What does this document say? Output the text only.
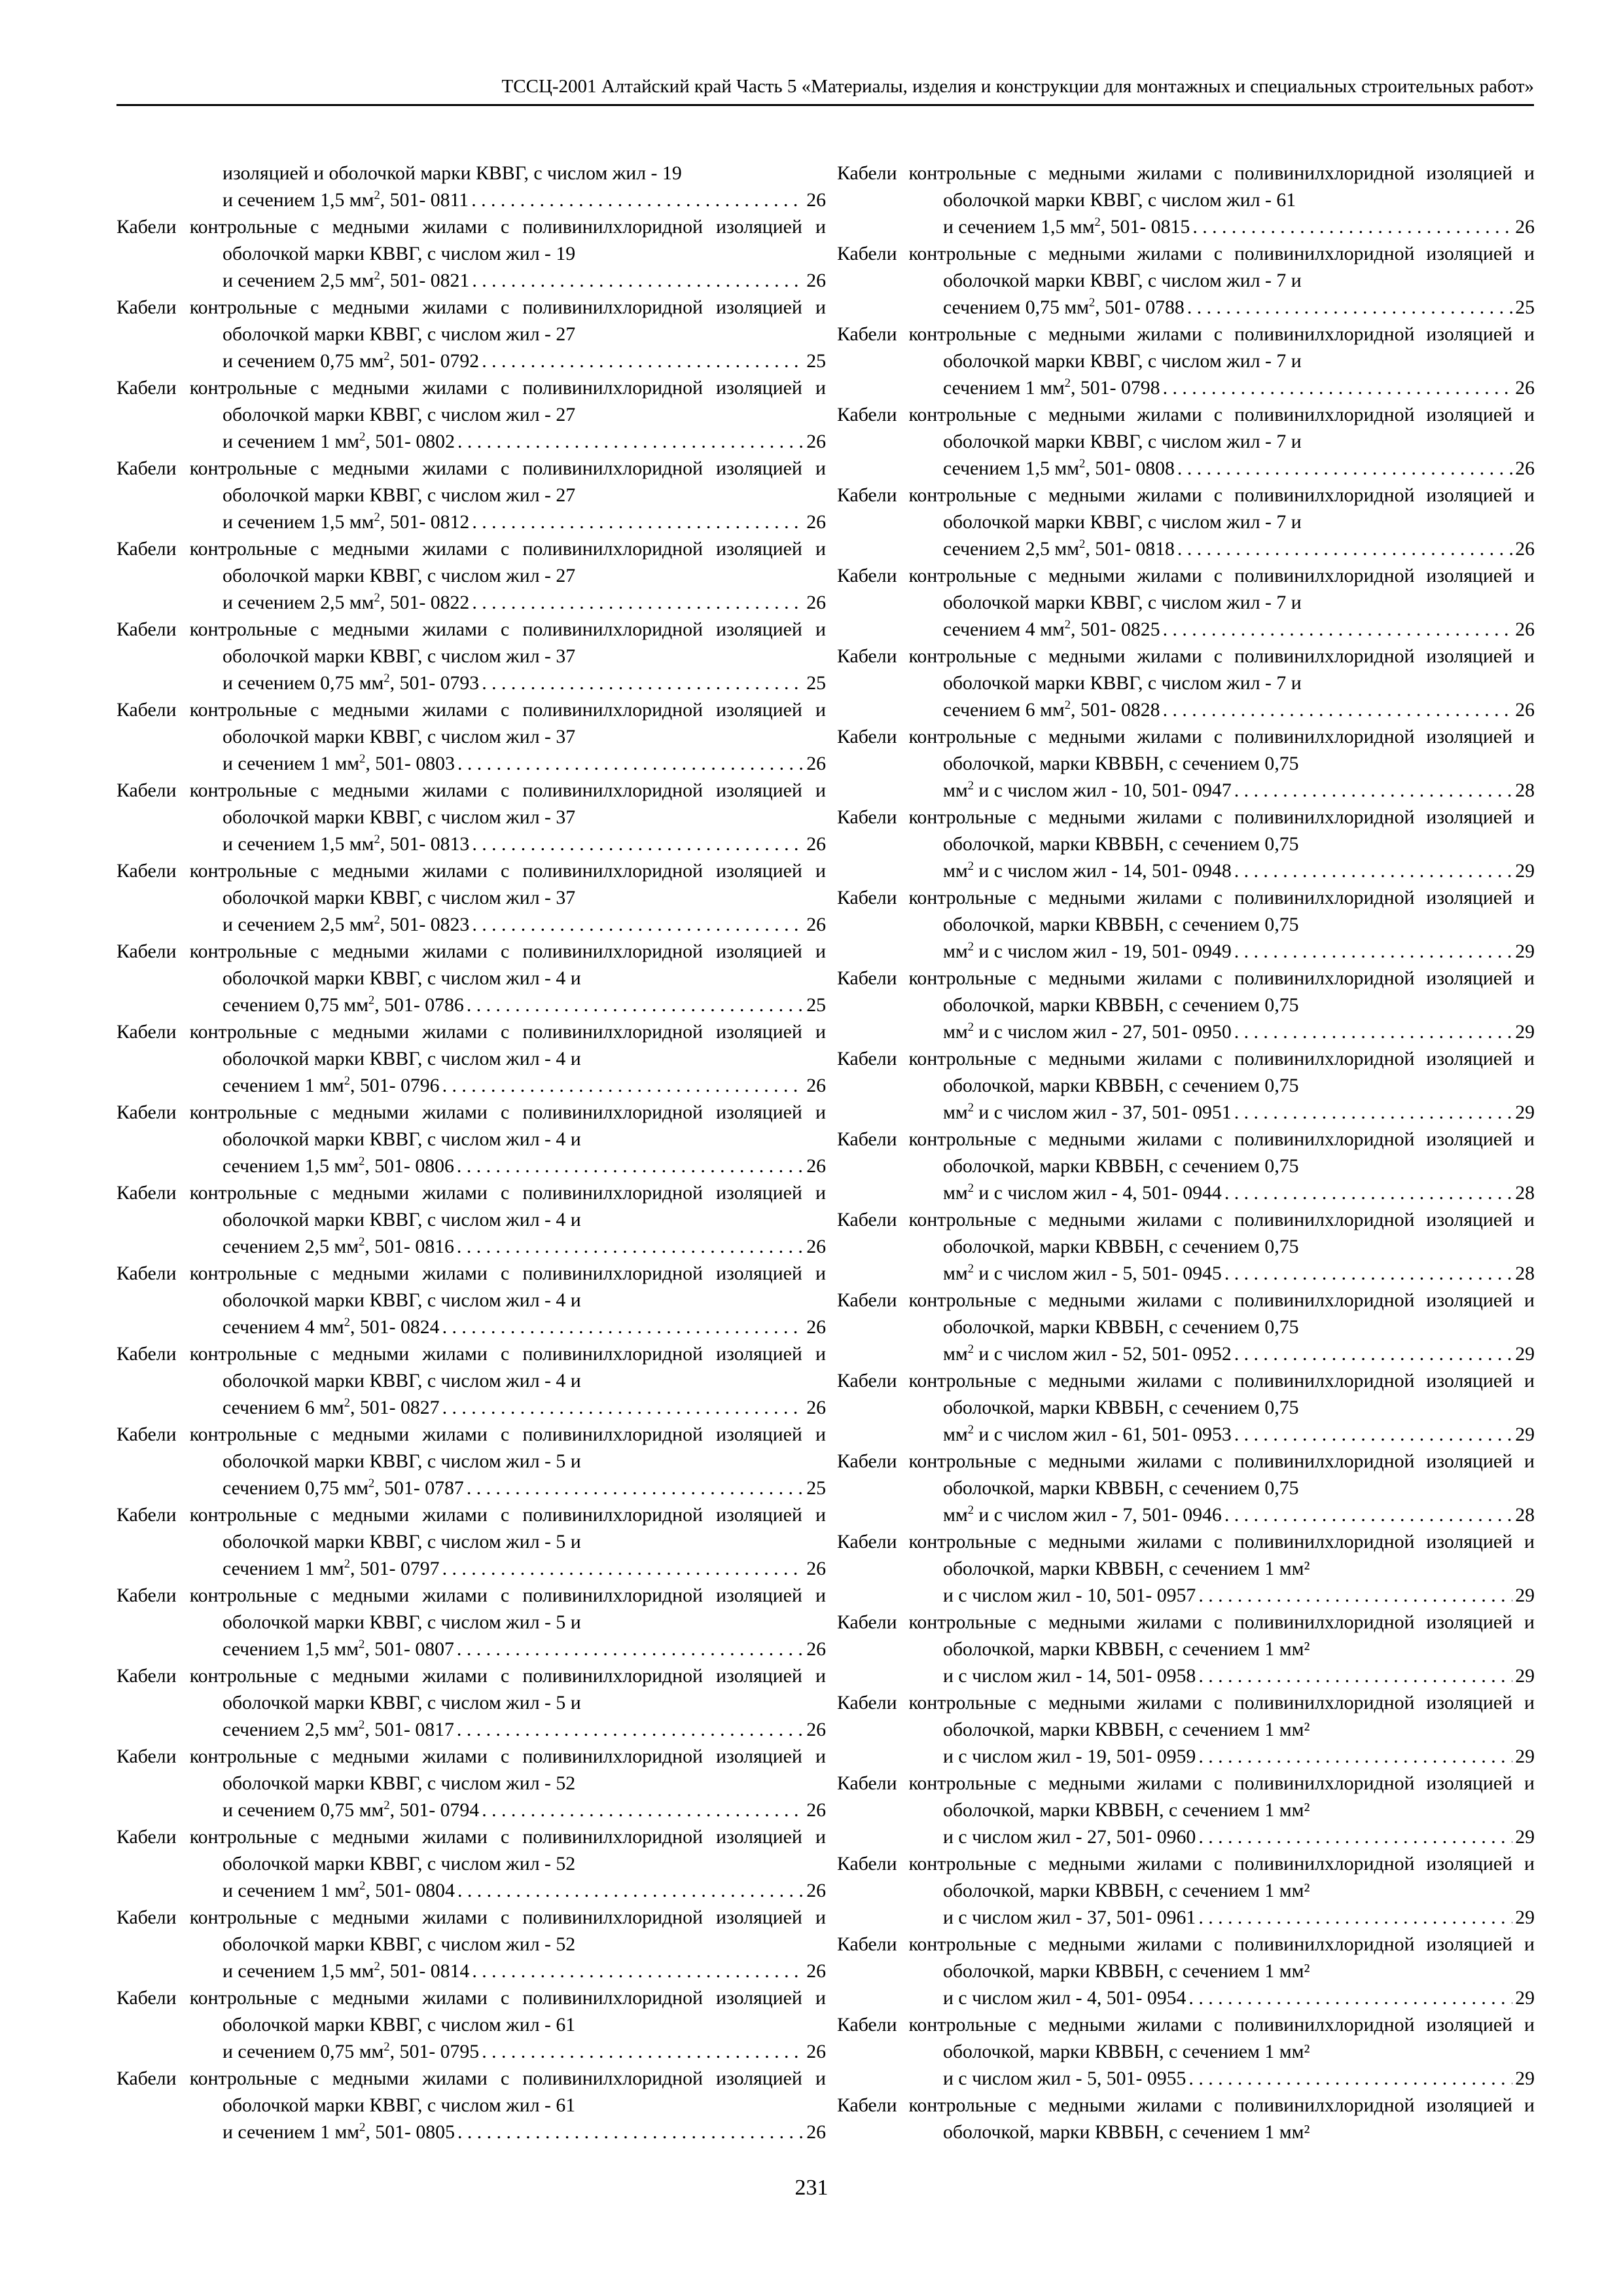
ТССЦ-2001 Алтайский край Часть 5 «Материалы, изделия и конструкции для монтажных и специальных строительных работ»
изоляцией и оболочкой марки КВВГ, с числом жил - 19
и сечением 1,5 $мм^2$, 501- 0811 . . .	26
Кабели контрольные с медными жилами с поливинилхлоридной изоляцией и оболочкой марки КВВГ, с числом жил - 19
и сечением 2,5 $мм^2$, 501- 0821 . . .	26
Кабели контрольные с медными жилами с поливинилхлоридной изоляцией и оболочкой марки КВВГ, с числом жил - 27
и сечением 0,75 $мм^2$, 501- 0792 . . .	25
Кабели контрольные с медными жилами с поливинилхлоридной изоляцией и оболочкой марки КВВГ, с числом жил - 27
и сечением 1 $мм^2$, 501- 0802 . . .	26
Кабели контрольные с медными жилами с поливинилхлоридной изоляцией и оболочкой марки КВВГ, с числом жил - 27
и сечением 1,5 $мм^2$, 501- 0812 . . .	26
Кабели контрольные с медными жилами с поливинилхлоридной изоляцией и оболочкой марки КВВГ, с числом жил - 27
и сечением 2,5 $мм^2$, 501- 0822 . . .	26
Кабели контрольные с медными жилами с поливинилхлоридной изоляцией и оболочкой марки КВВГ, с числом жил - 37
и сечением 0,75 $мм^2$, 501- 0793 . . .	25
Кабели контрольные с медными жилами с поливинилхлоридной изоляцией и оболочкой марки КВВГ, с числом жил - 37
и сечением 1 $мм^2$, 501- 0803 . . .	26
Кабели контрольные с медными жилами с поливинилхлоридной изоляцией и оболочкой марки КВВГ, с числом жил - 37
и сечением 1,5 $мм^2$, 501- 0813 . . .	26
Кабели контрольные с медными жилами с поливинилхлоридной изоляцией и оболочкой марки КВВГ, с числом жил - 37
и сечением 2,5 $мм^2$, 501- 0823 . . .	26
Кабели контрольные с медными жилами с поливинилхлоридной изоляцией и оболочкой марки КВВГ, с числом жил - 4 и
сечением 0,75 $мм^2$, 501- 0786 . . .	25
Кабели контрольные с медными жилами с поливинилхлоридной изоляцией и оболочкой марки КВВГ, с числом жил - 4 и
сечением 1 $мм^2$, 501- 0796 . . .	26
Кабели контрольные с медными жилами с поливинилхлоридной изоляцией и оболочкой марки КВВГ, с числом жил - 4 и
сечением 1,5 $мм^2$, 501- 0806 . . .	26
Кабели контрольные с медными жилами с поливинилхлоридной изоляцией и оболочкой марки КВВГ, с числом жил - 4 и
сечением 2,5 $мм^2$, 501- 0816 . . .	26
Кабели контрольные с медными жилами с поливинилхлоридной изоляцией и оболочкой марки КВВГ, с числом жил - 4 и
сечением 4 $мм^2$, 501- 0824 . . .	26
Кабели контрольные с медными жилами с поливинилхлоридной изоляцией и оболочкой марки КВВГ, с числом жил - 4 и
сечением 6 $мм^2$, 501- 0827 . . .	26
Кабели контрольные с медными жилами с поливинилхлоридной изоляцией и оболочкой марки КВВГ, с числом жил - 5 и
сечением 0,75 $мм^2$, 501- 0787 . . .	25
Кабели контрольные с медными жилами с поливинилхлоридной изоляцией и оболочкой марки КВВГ, с числом жил - 5 и
сечением 1 $мм^2$, 501- 0797 . . .	26
Кабели контрольные с медными жилами с поливинилхлоридной изоляцией и оболочкой марки КВВГ, с числом жил - 5 и
сечением 1,5 $мм^2$, 501- 0807 . . .	26
Кабели контрольные с медными жилами с поливинилхлоридной изоляцией и оболочкой марки КВВГ, с числом жил - 5 и
сечением 2,5 $мм^2$, 501- 0817 . . .	26
Кабели контрольные с медными жилами с поливинилхлоридной изоляцией и оболочкой марки КВВГ, с числом жил - 52
и сечением 0,75 $мм^2$, 501- 0794 . . .	26
Кабели контрольные с медными жилами с поливинилхлоридной изоляцией и оболочкой марки КВВГ, с числом жил - 52
и сечением 1 $мм^2$, 501- 0804 . . .	26
Кабели контрольные с медными жилами с поливинилхлоридной изоляцией и оболочкой марки КВВГ, с числом жил - 52
и сечением 1,5 $мм^2$, 501- 0814 . . .	26
Кабели контрольные с медными жилами с поливинилхлоридной изоляцией и оболочкой марки КВВГ, с числом жил - 61
и сечением 0,75 $мм^2$, 501- 0795 . . .	26
Кабели контрольные с медными жилами с поливинилхлоридной изоляцией и оболочкой марки КВВГ, с числом жил - 61
и сечением 1 $мм^2$, 501- 0805 . . .	26
Кабели контрольные с медными жилами с поливинилхлоридной изоляцией и оболочкой марки КВВГ, с числом жил - 61
и сечением 1,5 $мм^2$, 501- 0815 . . .	26
Кабели контрольные с медными жилами с поливинилхлоридной изоляцией и оболочкой марки КВВГ, с числом жил - 7 и
сечением 0,75 $мм^2$, 501- 0788 . . .	25
Кабели контрольные с медными жилами с поливинилхлоридной изоляцией и оболочкой марки КВВГ, с числом жил - 7 и
сечением 1 $мм^2$, 501- 0798 . . .	26
Кабели контрольные с медными жилами с поливинилхлоридной изоляцией и оболочкой марки КВВГ, с числом жил - 7 и
сечением 1,5 $мм^2$, 501- 0808 . . .	26
Кабели контрольные с медными жилами с поливинилхлоридной изоляцией и оболочкой марки КВВГ, с числом жил - 7 и
сечением 2,5 $мм^2$, 501- 0818 . . .	26
Кабели контрольные с медными жилами с поливинилхлоридной изоляцией и оболочкой марки КВВГ, с числом жил - 7 и
сечением 4 $мм^2$, 501- 0825 . . .	26
Кабели контрольные с медными жилами с поливинилхлоридной изоляцией и оболочкой марки КВВГ, с числом жил - 7 и
сечением 6 $мм^2$, 501- 0828 . . .	26
Кабели контрольные с медными жилами с поливинилхлоридной изоляцией и оболочкой, марки КВВБН, с сечением 0,75
$мм^2$ и с числом жил - 10, 501- 0947 . . .	28
Кабели контрольные с медными жилами с поливинилхлоридной изоляцией и оболочкой, марки КВВБН, с сечением 0,75
$мм^2$ и с числом жил - 14, 501- 0948 . . .	29
Кабели контрольные с медными жилами с поливинилхлоридной изоляцией и оболочкой, марки КВВБН, с сечением 0,75
$мм^2$ и с числом жил - 19, 501- 0949 . . .	29
Кабели контрольные с медными жилами с поливинилхлоридной изоляцией и оболочкой, марки КВВБН, с сечением 0,75
$мм^2$ и с числом жил - 27, 501- 0950 . . .	29
Кабели контрольные с медными жилами с поливинилхлоридной изоляцией и оболочкой, марки КВВБН, с сечением 0,75
$мм^2$ и с числом жил - 37, 501- 0951 . . .	29
Кабели контрольные с медными жилами с поливинилхлоридной изоляцией и оболочкой, марки КВВБН, с сечением 0,75
$мм^2$ и с числом жил - 4, 501- 0944 . . .	28
Кабели контрольные с медными жилами с поливинилхлоридной изоляцией и оболочкой, марки КВВБН, с сечением 0,75
$мм^2$ и с числом жил - 5, 501- 0945 . . .	28
Кабели контрольные с медными жилами с поливинилхлоридной изоляцией и оболочкой, марки КВВБН, с сечением 0,75
$мм^2$ и с числом жил - 52, 501- 0952 . . .	29
Кабели контрольные с медными жилами с поливинилхлоридной изоляцией и оболочкой, марки КВВБН, с сечением 0,75
$мм^2$ и с числом жил - 61, 501- 0953 . . .	29
Кабели контрольные с медными жилами с поливинилхлоридной изоляцией и оболочкой, марки КВВБН, с сечением 0,75
$мм^2$ и с числом жил - 7, 501- 0946 . . .	28
Кабели контрольные с медными жилами с поливинилхлоридной изоляцией и оболочкой, марки КВВБН, с сечением 1 мм²
и с числом жил - 10, 501- 0957 . . .	29
Кабели контрольные с медными жилами с поливинилхлоридной изоляцией и оболочкой, марки КВВБН, с сечением 1 мм²
и с числом жил - 14, 501- 0958 . . .	29
Кабели контрольные с медными жилами с поливинилхлоридной изоляцией и оболочкой, марки КВВБН, с сечением 1 мм²
и с числом жил - 19, 501- 0959 . . .	29
Кабели контрольные с медными жилами с поливинилхлоридной изоляцией и оболочкой, марки КВВБН, с сечением 1 мм²
и с числом жил - 27, 501- 0960 . . .	29
Кабели контрольные с медными жилами с поливинилхлоридной изоляцией и оболочкой, марки КВВБН, с сечением 1 мм²
и с числом жил - 37, 501- 0961 . . .	29
Кабели контрольные с медными жилами с поливинилхлоридной изоляцией и оболочкой, марки КВВБН, с сечением 1 мм²
и с числом жил - 4, 501- 0954 . . .	29
Кабели контрольные с медными жилами с поливинилхлоридной изоляцией и оболочкой, марки КВВБН, с сечением 1 мм²
и с числом жил - 5, 501- 0955 . . .	29
Кабели контрольные с медными жилами с поливинилхлоридной изоляцией и оболочкой, марки КВВБН, с сечением 1 мм²
231
